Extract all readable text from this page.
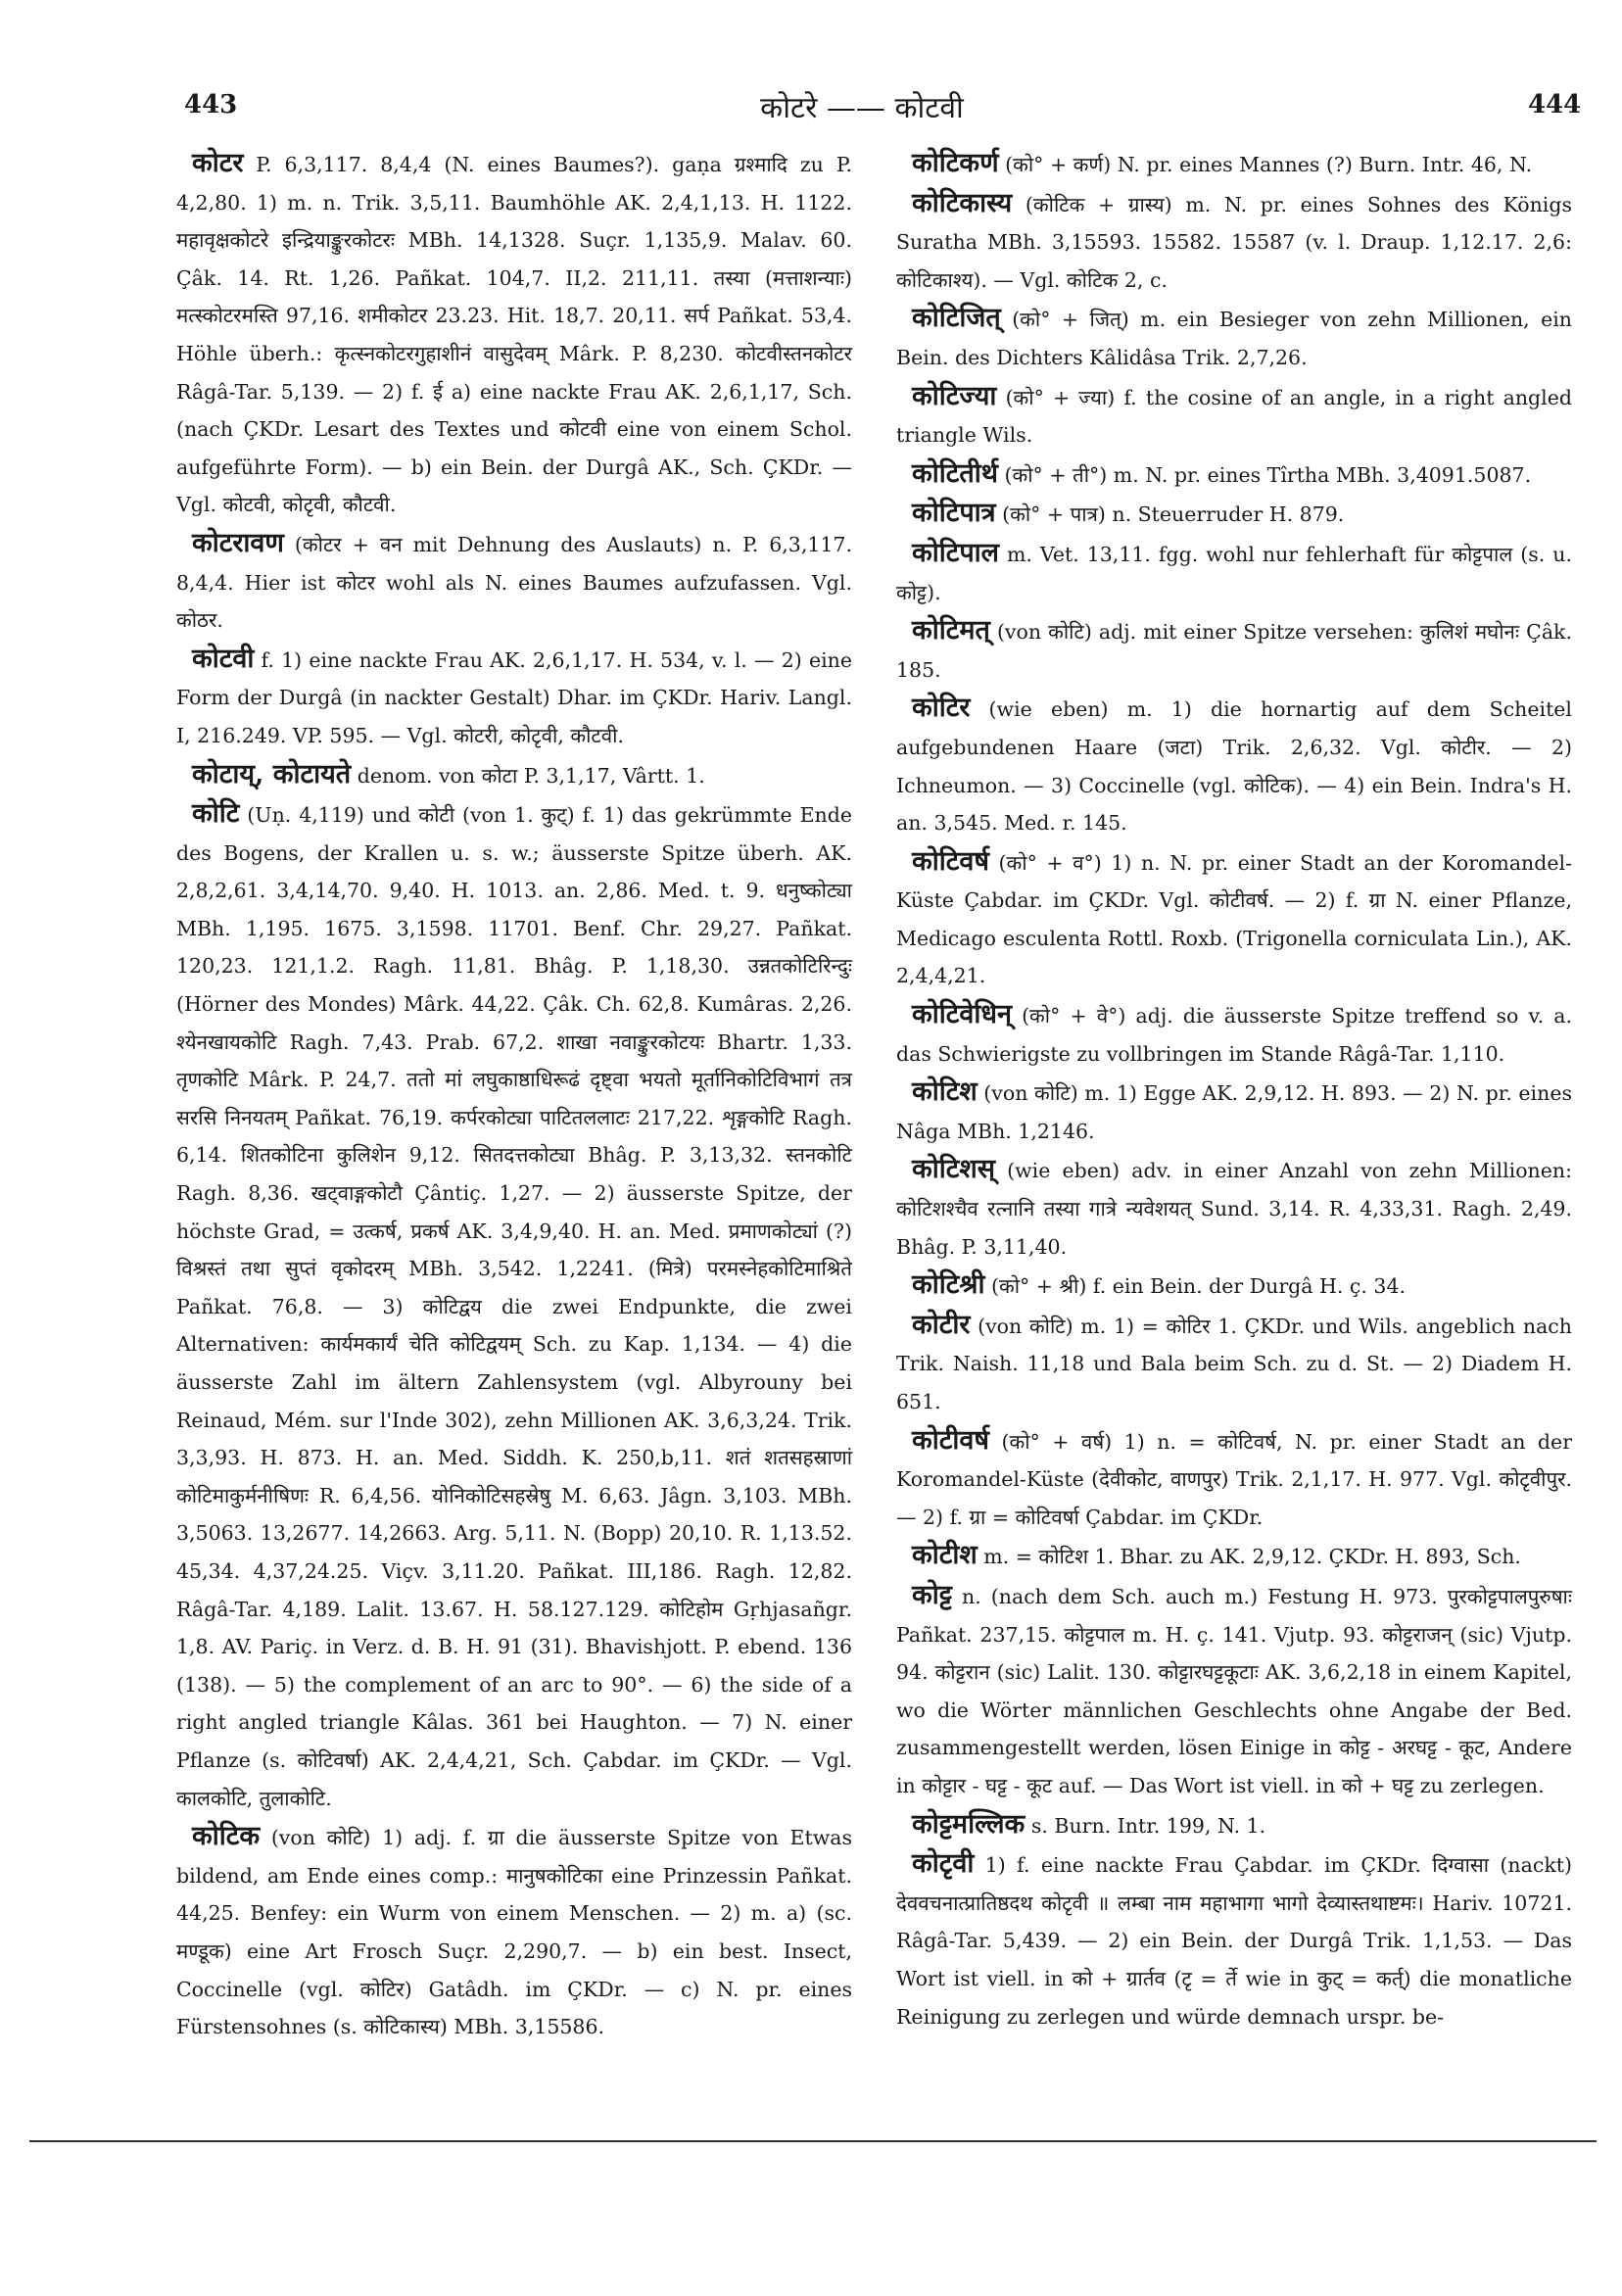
443	कोटरे —— कोटवी	444

कोटर P. 6,3,117. 8,4,4 (N. eines Baumes?). gaṇa ग्रश्मादि zu P. 4,2,80. 1) m. n. Trik. 3,5,11. Baumhöhle AK. 2,4,1,13. H. 1122. महावृक्षकोटरे इन्द्रियाङ्कुरकोटरः MBh. 14,1328. Suçr. 1,135,9. Malav. 60. Çâk. 14. Rt. 1,26. Pañkat. 104,7. II,2. 211,11. तस्या (मत्ताशन्याः) मत्स्कोटरमस्ति 97,16. शमीकोटर 23.23. Hit. 18,7. 20,11. सर्प Pañkat. 53,4. Höhle überh.: कृत्स्नकोटरगुहाशीनं वासुदेवम् Mârk. P. 8,230. कोटवीस्तनकोटर Râgâ-Tar. 5,139. — 2) f. ई a) eine nackte Frau AK. 2,6,1,17, Sch. (nach ÇKDr. Lesart des Textes und कोटवी eine von einem Schol. aufgeführte Form). — b) ein Bein. der Durgâ AK., Sch. ÇKDr. — Vgl. कोटवी, कोटृवी, कौटवी.

कोटरावण (कोटर + वन mit Dehnung des Auslauts) n. P. 6,3,117. 8,4,4. Hier ist कोटर wohl als N. eines Baumes aufzufassen. Vgl. कोठर.

कोटवी f. 1) eine nackte Frau AK. 2,6,1,17. H. 534, v. l. — 2) eine Form der Durgâ (in nackter Gestalt) Dhar. im ÇKDr. Hariv. Langl. I, 216.249. VP. 595. — Vgl. कोटरी, कोटृवी, कौटवी.

कोटाय्, कोटायते denom. von कोटा P. 3,1,17, Vârtt. 1.

कोटि (Uṇ. 4,119) und कोटी (von 1. कुट्) f. 1) das gekrümmte Ende des Bogens, der Krallen u. s. w.; äusserste Spitze überh. AK. 2,8,2,61. 3,4,14,70. 9,40. H. 1013. an. 2,86. Med. t. 9. धनुष्कोट्या MBh. 1,195. 1675. 3,1598. 11701. Benf. Chr. 29,27. Pañkat. 120,23. 121,1.2. Ragh. 11,81. Bhâg. P. 1,18,30. उन्नतकोटिरिन्दुः (Hörner des Mondes) Mârk. 44,22. Çâk. Ch. 62,8. Kumâras. 2,26. श्येनखायकोटि Ragh. 7,43. Prab. 67,2. शाखा नवाङ्कुरकोटयः Bhartr. 1,33. तृणकोटि Mârk. P. 24,7. ततो मां लघुकाष्ठाधिरूढं दृष्ट्वा भयतो मूर्तानिकोटिविभागं तत्र सरसि निनयतम् Pañkat. 76,19. कर्परकोट्या पाटितललाटः 217,22. शृङ्गकोटि Ragh. 6,14. शितकोटिना कुलिशेन 9,12. सितदत्तकोट्या Bhâg. P. 3,13,32. स्तनकोटि Ragh. 8,36. खट्वाङ्गकोटौ Çântiç. 1,27. — 2) äusserste Spitze, der höchste Grad, = उत्कर्ष, प्रकर्ष AK. 3,4,9,40. H. an. Med. प्रमाणकोट्यां (?) विश्रस्तं तथा सुप्तं वृकोदरम् MBh. 3,542. 1,2241. (मित्रे) परमस्नेहकोटिमाश्रिते Pañkat. 76,8. — 3) कोटिद्वय die zwei Endpunkte, die zwei Alternativen: कार्यमकार्यं चेति कोटिद्वयम् Sch. zu Kap. 1,134. — 4) die äusserste Zahl im ältern Zahlensystem (vgl. Albyrouny bei Reinaud, Mém. sur l'Inde 302), zehn Millionen AK. 3,6,3,24. Trik. 3,3,93. H. 873. H. an. Med. Siddh. K. 250,b,11. शतं शतसहस्राणां कोटिमाकुर्मनीषिणः R. 6,4,56. योनिकोटिसहस्रेषु M. 6,63. Jâgn. 3,103. MBh. 3,5063. 13,2677. 14,2663. Arg. 5,11. N. (Bopp) 20,10. R. 1,13.52. 45,34. 4,37,24.25. Viçv. 3,11.20. Pañkat. III,186. Ragh. 12,82. Râgâ-Tar. 4,189. Lalit. 13.67. H. 58.127.129. कोटिहोम Gṛhjasañgr. 1,8. AV. Pariç. in Verz. d. B. H. 91 (31). Bhavishjott. P. ebend. 136 (138). — 5) the complement of an arc to 90°. — 6) the side of a right angled triangle Kâlas. 361 bei Haughton. — 7) N. einer Pflanze (s. कोटिवर्षा) AK. 2,4,4,21, Sch. Çabdar. im ÇKDr. — Vgl. कालकोटि, तुलाकोटि.

कोटिक (von कोटि) 1) adj. f. ग्रा die äusserste Spitze von Etwas bildend, am Ende eines comp.: मानुषकोटिका eine Prinzessin Pañkat. 44,25. Benfey: ein Wurm von einem Menschen. — 2) m. a) (sc. मण्डूक) eine Art Frosch Suçr. 2,290,7. — b) ein best. Insect, Coccinelle (vgl. कोटिर) Gatâdh. im ÇKDr. — c) N. pr. eines Fürstensohnes (s. कोटिकास्य) MBh. 3,15586.

कोटिकर्ण (को° + कर्ण) N. pr. eines Mannes (?) Burn. Intr. 46, N.

कोटिकास्य (कोटिक + ग्रास्य) m. N. pr. eines Sohnes des Königs Suratha MBh. 3,15593. 15582. 15587 (v. l. Draup. 1,12.17. 2,6: कोटिकाश्य). — Vgl. कोटिक 2, c.

कोटिजित् (को° + जित्) m. ein Besieger von zehn Millionen, ein Bein. des Dichters Kâlidâsa Trik. 2,7,26.

कोटिज्या (को° + ज्या) f. the cosine of an angle, in a right angled triangle Wils.

कोटितीर्थ (को° + ती°) m. N. pr. eines Tîrtha MBh. 3,4091.5087.

कोटिपात्र (को° + पात्र) n. Steuerruder H. 879.

कोटिपाल m. Vet. 13,11. fgg. wohl nur fehlerhaft für कोट्टपाल (s. u. कोट्ट).

कोटिमत् (von कोटि) adj. mit einer Spitze versehen: कुलिशं मघोनः Çâk. 185.

कोटिर (wie eben) m. 1) die hornartig auf dem Scheitel aufgebundenen Haare (जटा) Trik. 2,6,32. Vgl. कोटीर. — 2) Ichneumon. — 3) Coccinelle (vgl. कोटिक). — 4) ein Bein. Indra's H. an. 3,545. Med. r. 145.

कोटिवर्ष (को° + व°) 1) n. N. pr. einer Stadt an der Koromandel-Küste Çabdar. im ÇKDr. Vgl. कोटीवर्ष. — 2) f. ग्रा N. einer Pflanze, Medicago esculenta Rottl. Roxb. (Trigonella corniculata Lin.), AK. 2,4,4,21.

कोटिवेधिन् (को° + वे°) adj. die äusserste Spitze treffend so v. a. das Schwierigste zu vollbringen im Stande Râgâ-Tar. 1,110.

कोटिश (von कोटि) m. 1) Egge AK. 2,9,12. H. 893. — 2) N. pr. eines Nâga MBh. 1,2146.

कोटिशस् (wie eben) adv. in einer Anzahl von zehn Millionen: कोटिशश्चैव रत्नानि तस्या गात्रे न्यवेशयत् Sund. 3,14. R. 4,33,31. Ragh. 2,49. Bhâg. P. 3,11,40.

कोटिश्री (को° + श्री) f. ein Bein. der Durgâ H. ç. 34.

कोटीर (von कोटि) m. 1) = कोटिर 1. ÇKDr. und Wils. angeblich nach Trik. Naish. 11,18 und Bala beim Sch. zu d. St. — 2) Diadem H. 651.

कोटीवर्ष (को° + वर्ष) 1) n. = कोटिवर्ष, N. pr. einer Stadt an der Koromandel-Küste (देवीकोट, वाणपुर) Trik. 2,1,17. H. 977. Vgl. कोटृवीपुर. — 2) f. ग्रा = कोटिवर्षा Çabdar. im ÇKDr.

कोटीश m. = कोटिश 1. Bhar. zu AK. 2,9,12. ÇKDr. H. 893, Sch.

कोट्ट n. (nach dem Sch. auch m.) Festung H. 973. पुरकोट्टपालपुरुषाः Pañkat. 237,15. कोट्टपाल m. H. ç. 141. Vjutp. 93. कोट्टराजन् (sic) Vjutp. 94. कोट्टरान (sic) Lalit. 130. कोट्टारघट्टकूटाः AK. 3,6,2,18 in einem Kapitel, wo die Wörter männlichen Geschlechts ohne Angabe der Bed. zusammengestellt werden, lösen Einige in कोट्ट - अरघट्ट - कूट, Andere in कोट्टार - घट्ट - कूट auf. — Das Wort ist viell. in को + घट्ट zu zerlegen.

कोट्टमल्लिक s. Burn. Intr. 199, N. 1.

कोटृवी 1) f. eine nackte Frau Çabdar. im ÇKDr. दिग्वासा (nackt) देववचनात्प्रातिष्ठदथ कोटृवी ॥ लम्बा नाम महाभागा भागो देव्यास्तथाष्टमः। Hariv. 10721. Râgâ-Tar. 5,439. — 2) ein Bein. der Durgâ Trik. 1,1,53. — Das Wort ist viell. in को + ग्रार्तव (टृ = र्ते wie in कुट् = कर्त्) die monatliche Reinigung zu zerlegen und würde demnach urspr. be-
